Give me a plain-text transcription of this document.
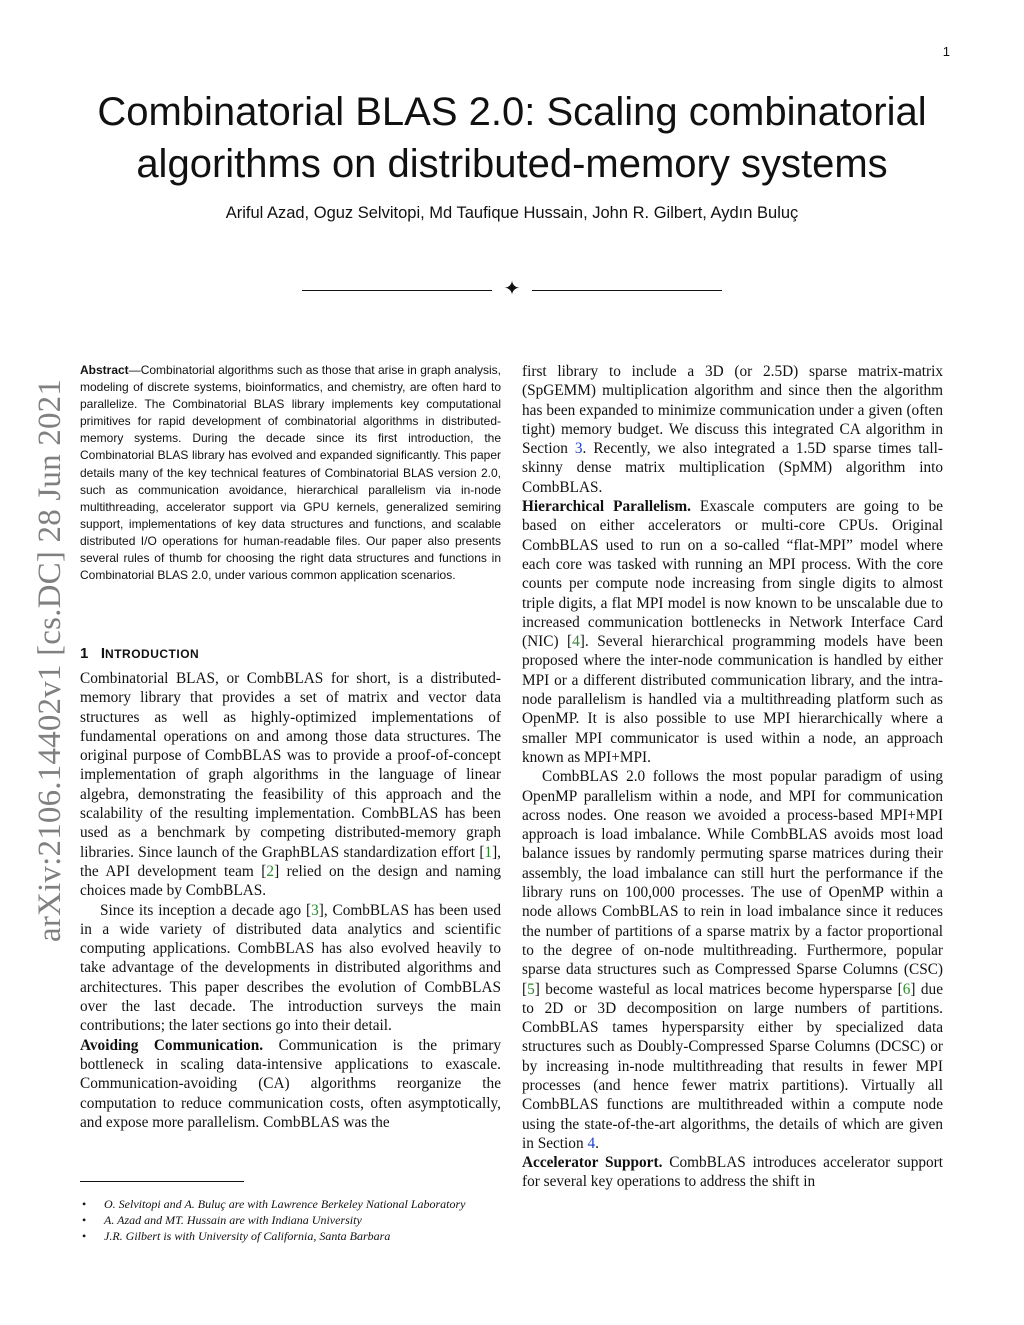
1
Combinatorial BLAS 2.0: Scaling combinatorial algorithms on distributed-memory systems
Ariful Azad, Oguz Selvitopi, Md Taufique Hussain, John R. Gilbert, Aydın Buluç
✦
arXiv:2106.14402v1 [cs.DC] 28 Jun 2021

Abstract—Combinatorial algorithms such as those that arise in graph analysis, modeling of discrete systems, bioinformatics, and chemistry, are often hard to parallelize. The Combinatorial BLAS library implements key computational primitives for rapid development of combinatorial algorithms in distributed-memory systems. During the decade since its first introduction, the Combinatorial BLAS library has evolved and expanded significantly. This paper details many of the key technical features of Combinatorial BLAS version 2.0, such as communication avoidance, hierarchical parallelism via in-node multithreading, accelerator support via GPU kernels, generalized semiring support, implementations of key data structures and functions, and scalable distributed I/O operations for human-readable files. Our paper also presents several rules of thumb for choosing the right data structures and functions in Combinatorial BLAS 2.0, under various common application scenarios.

1 INTRODUCTION

Combinatorial BLAS, or CombBLAS for short, is a distributed-memory library that provides a set of matrix and vector data structures as well as highly-optimized implementations of fundamental operations on and among those data structures. The original purpose of CombBLAS was to provide a proof-of-concept implementation of graph algorithms in the language of linear algebra, demonstrating the feasibility of this approach and the scalability of the resulting implementation. CombBLAS has been used as a benchmark by competing distributed-memory graph libraries. Since launch of the GraphBLAS standardization effort [1], the API development team [2] relied on the design and naming choices made by CombBLAS.

Since its inception a decade ago [3], CombBLAS has been used in a wide variety of distributed data analytics and scientific computing applications. CombBLAS has also evolved heavily to take advantage of the developments in distributed algorithms and architectures. This paper describes the evolution of CombBLAS over the last decade. The introduction surveys the main contributions; the later sections go into their detail.

Avoiding Communication. Communication is the primary bottleneck in scaling data-intensive applications to exascale. Communication-avoiding (CA) algorithms reorganize the computation to reduce communication costs, often asymptotically, and expose more parallelism. CombBLAS was the

• O. Selvitopi and A. Buluç are with Lawrence Berkeley National Laboratory
• A. Azad and MT. Hussain are with Indiana University
• J.R. Gilbert is with University of California, Santa Barbara

first library to include a 3D (or 2.5D) sparse matrix-matrix (SpGEMM) multiplication algorithm and since then the algorithm has been expanded to minimize communication under a given (often tight) memory budget. We discuss this integrated CA algorithm in Section 3. Recently, we also integrated a 1.5D sparse times tall-skinny dense matrix multiplication (SpMM) algorithm into CombBLAS.

Hierarchical Parallelism. Exascale computers are going to be based on either accelerators or multi-core CPUs. Original CombBLAS used to run on a so-called “flat-MPI” model where each core was tasked with running an MPI process. With the core counts per compute node increasing from single digits to almost triple digits, a flat MPI model is now known to be unscalable due to increased communication bottlenecks in Network Interface Card (NIC) [4]. Several hierarchical programming models have been proposed where the inter-node communication is handled by either MPI or a different distributed communication library, and the intra-node parallelism is handled via a multithreading platform such as OpenMP. It is also possible to use MPI hierarchically where a smaller MPI communicator is used within a node, an approach known as MPI+MPI.

CombBLAS 2.0 follows the most popular paradigm of using OpenMP parallelism within a node, and MPI for communication across nodes. One reason we avoided a process-based MPI+MPI approach is load imbalance. While CombBLAS avoids most load balance issues by randomly permuting sparse matrices during their assembly, the load imbalance can still hurt the performance if the library runs on 100,000 processes. The use of OpenMP within a node allows CombBLAS to rein in load imbalance since it reduces the number of partitions of a sparse matrix by a factor proportional to the degree of on-node multithreading. Furthermore, popular sparse data structures such as Compressed Sparse Columns (CSC) [5] become wasteful as local matrices become hypersparse [6] due to 2D or 3D decomposition on large numbers of partitions. CombBLAS tames hypersparsity either by specialized data structures such as Doubly-Compressed Sparse Columns (DCSC) or by increasing in-node multithreading that results in fewer MPI processes (and hence fewer matrix partitions). Virtually all CombBLAS functions are multithreaded within a compute node using the state-of-the-art algorithms, the details of which are given in Section 4.

Accelerator Support. CombBLAS introduces accelerator support for several key operations to address the shift in
